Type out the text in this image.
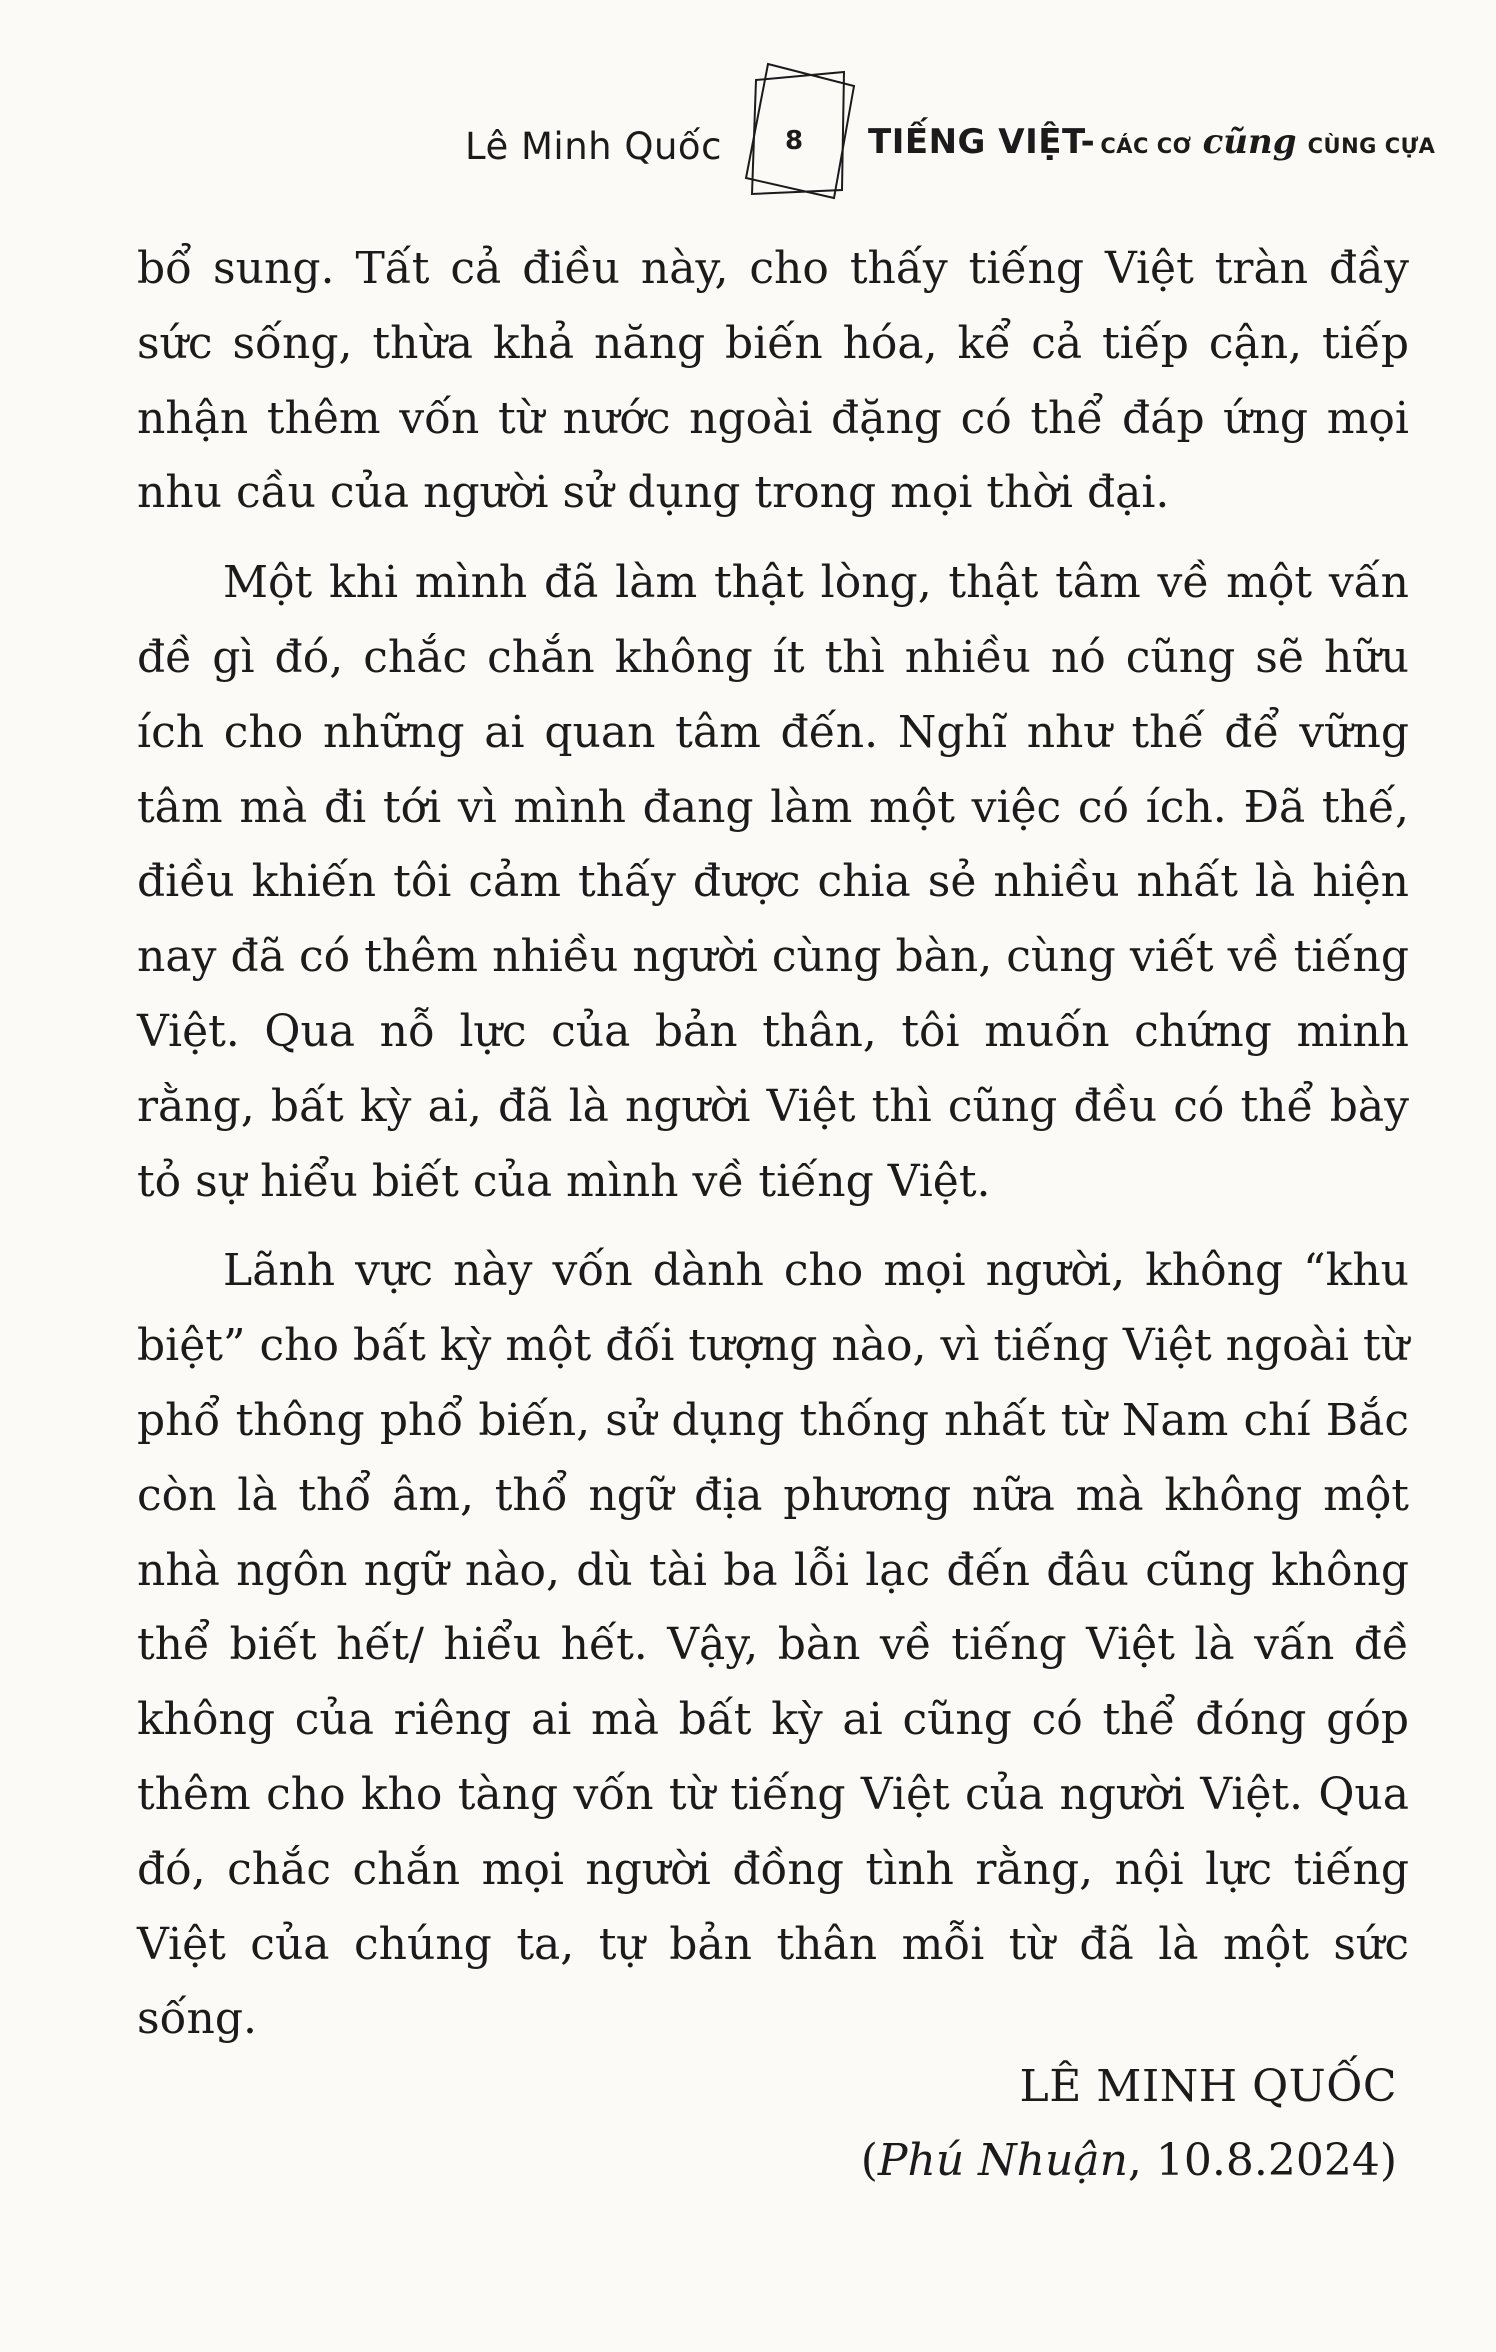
Lê Minh Quốc	8	TIẾNG VIỆT- CÁC CƠ cũng CÙNG CỰA

bổ sung. Tất cả điều này, cho thấy tiếng Việt tràn đầy sức sống, thừa khả năng biến hóa, kể cả tiếp cận, tiếp nhận thêm vốn từ nước ngoài đặng có thể đáp ứng mọi nhu cầu của người sử dụng trong mọi thời đại.

Một khi mình đã làm thật lòng, thật tâm về một vấn đề gì đó, chắc chắn không ít thì nhiều nó cũng sẽ hữu ích cho những ai quan tâm đến. Nghĩ như thế để vững tâm mà đi tới vì mình đang làm một việc có ích. Đã thế, điều khiến tôi cảm thấy được chia sẻ nhiều nhất là hiện nay đã có thêm nhiều người cùng bàn, cùng viết về tiếng Việt. Qua nỗ lực của bản thân, tôi muốn chứng minh rằng, bất kỳ ai, đã là người Việt thì cũng đều có thể bày tỏ sự hiểu biết của mình về tiếng Việt.

Lãnh vực này vốn dành cho mọi người, không “khu biệt” cho bất kỳ một đối tượng nào, vì tiếng Việt ngoài từ phổ thông phổ biến, sử dụng thống nhất từ Nam chí Bắc còn là thổ âm, thổ ngữ địa phương nữa mà không một nhà ngôn ngữ nào, dù tài ba lỗi lạc đến đâu cũng không thể biết hết/ hiểu hết. Vậy, bàn về tiếng Việt là vấn đề không của riêng ai mà bất kỳ ai cũng có thể đóng góp thêm cho kho tàng vốn từ tiếng Việt của người Việt. Qua đó, chắc chắn mọi người đồng tình rằng, nội lực tiếng Việt của chúng ta, tự bản thân mỗi từ đã là một sức sống.

LÊ MINH QUỐC
(Phú Nhuận, 10.8.2024)
